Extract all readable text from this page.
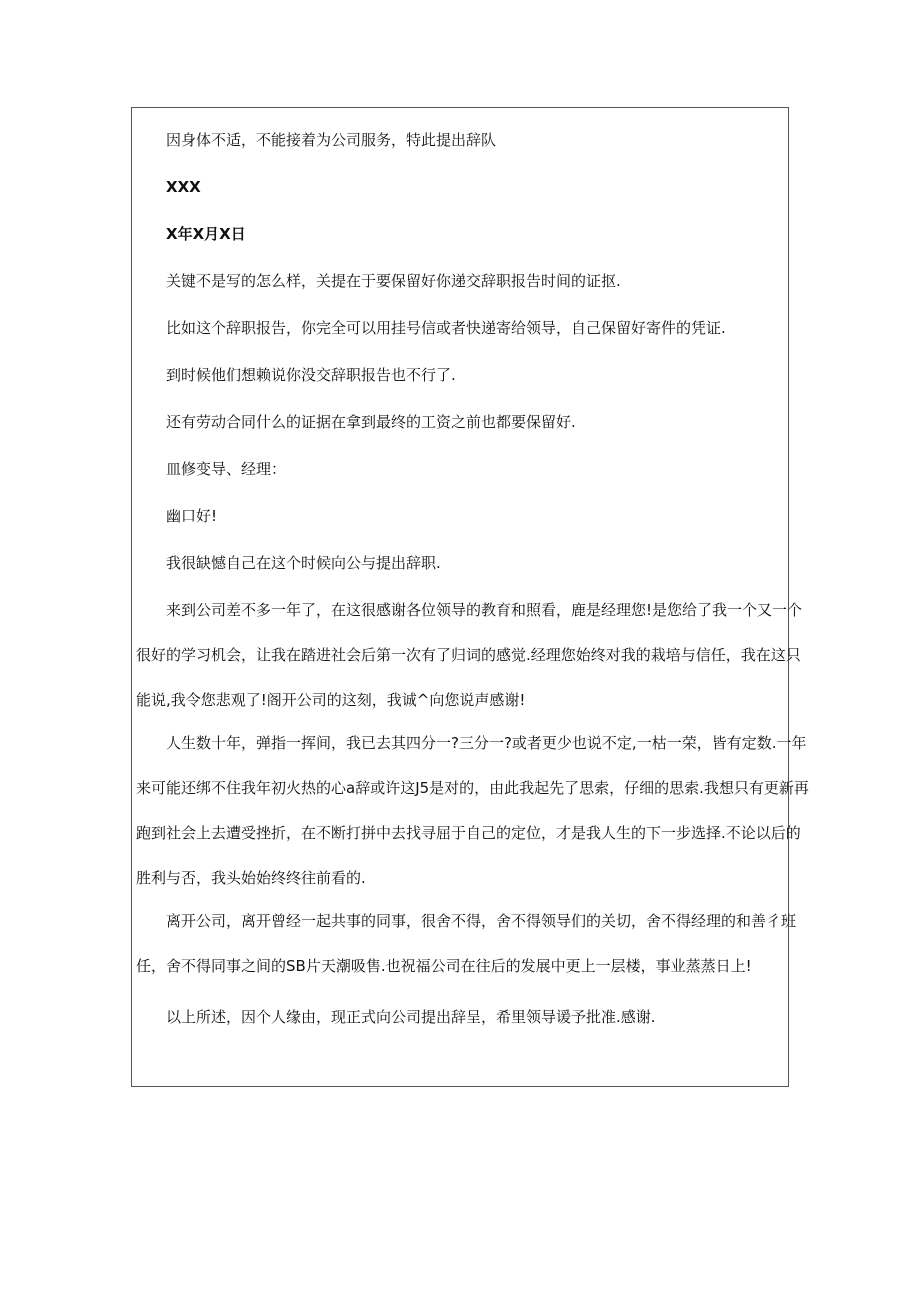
因身体不适，不能接着为公司服务，特此提出辞队

XXX

X年X月X日

关键不是写的怎么样，关提在于要保留好你递交辞职报告时间的证抠.

比如这个辞职报告，你完全可以用挂号信或者快递寄给领导，自己保留好寄件的凭证.

到时候他们想赖说你没交辞职报告也不行了.

还有劳动合同什么的证据在拿到最终的工资之前也都要保留好.

皿修变导、经理：

幽口好!

我很缺憾自己在这个时候向公与提出辞职.

来到公司差不多一年了，在这很感谢各位领导的教育和照看，鹿是经理您!是您给了我一个又一个
很好的学习机会，让我在踏进社会后第一次有了归词的感觉.经理您始终对我的栽培与信任，我在这只
能说,我令您悲观了!阁开公司的这刻，我诚^向您说声感谢!
人生数十年，弹指一挥间，我已去其四分一?三分一?或者更少也说不定,一枯一荣，皆有定数.一年
来可能还绑不住我年初火热的心a辞或许这J5是对的，由此我起先了思索，仔细的思索.我想只有更新再
跑到社会上去遭受挫折，在不断打拼中去找寻屈于自己的定位，才是我人生的下一步选择.不论以后的
胜利与否，我头始始终终往前看的.
离开公司，离开曾经一起共事的同事，很舍不得，舍不得领导们的关切，舍不得经理的和善彳班
任，舍不得同事之间的SB片天潮吸售.也祝福公司在往后的发展中更上一层楼，事业蒸蒸日上!

以上所述，因个人缘由，现正式向公司提出辞呈，希里领导谖予批准.感谢.
